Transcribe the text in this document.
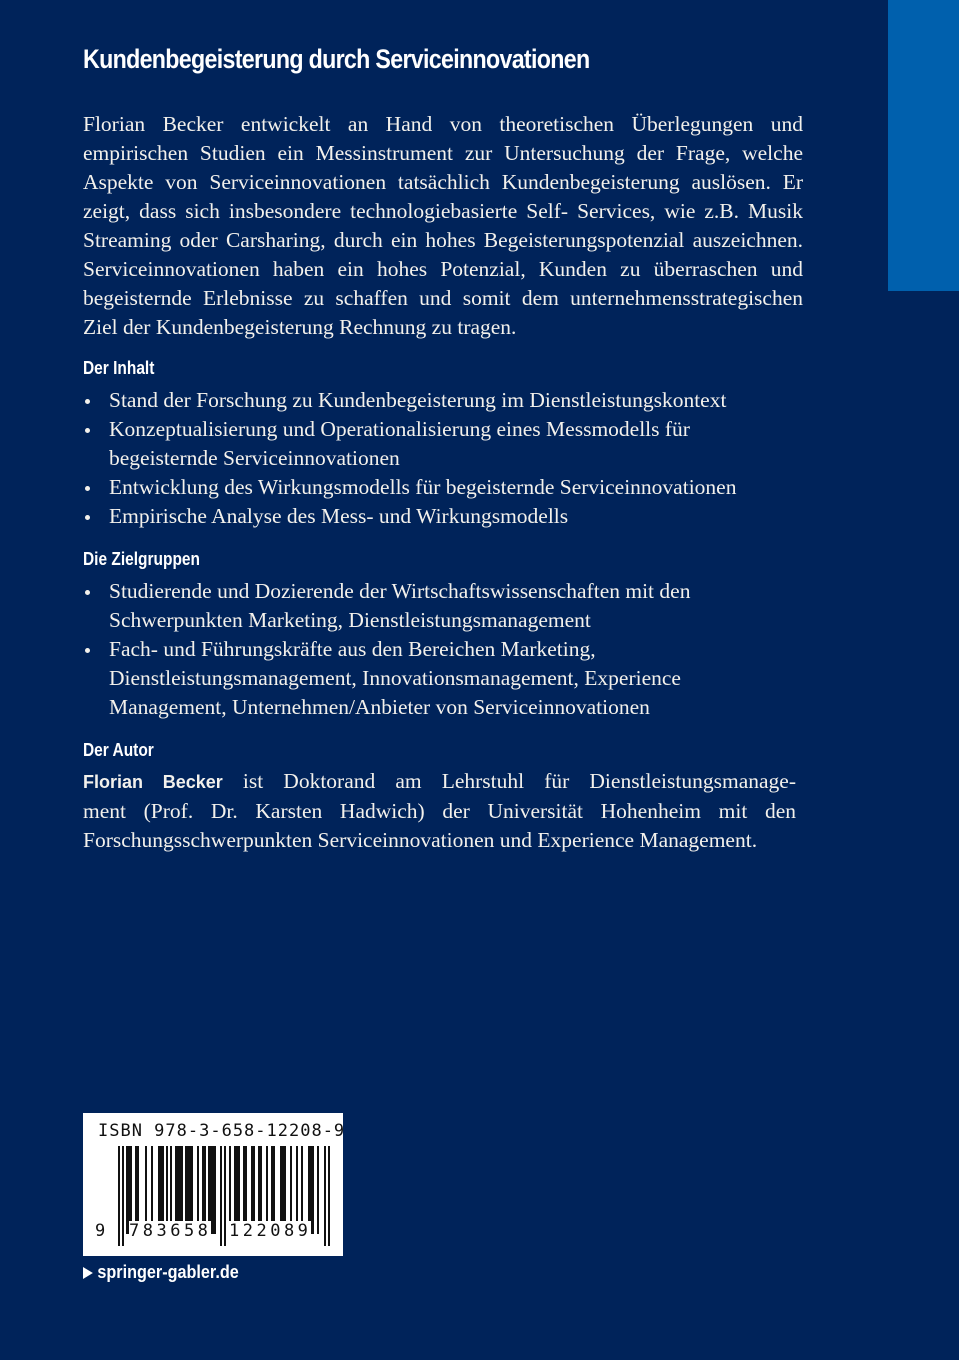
Kundenbegeisterung durch Serviceinnovationen
Florian Becker entwickelt an Hand von theoretischen Überlegungen und
empirischen Studien ein Messinstrument zur Untersuchung der Frage, welche
Aspekte von Serviceinnovationen tatsächlich Kundenbegeisterung auslösen. Er
zeigt, dass sich insbesondere technologiebasierte Self- Services, wie z.B. Musik
Streaming oder Carsharing, durch ein hohes Begeisterungspotenzial auszeichnen.
Serviceinnovationen haben ein hohes Potenzial, Kunden zu überraschen und
begeisternde Erlebnisse zu schaffen und somit dem unternehmensstrategischen
Ziel der Kundenbegeisterung Rechnung zu tragen.
Der Inhalt
Stand der Forschung zu Kundenbegeisterung im Dienstleistungskontext
Konzeptualisierung und Operationalisierung eines Messmodells für
begeisternde Serviceinnovationen
Entwicklung des Wirkungsmodells für begeisternde Serviceinnovationen
Empirische Analyse des Mess- und Wirkungsmodells
Die Zielgruppen
Studierende und Dozierende der Wirtschaftswissenschaften mit den
Schwerpunkten Marketing, Dienstleistungsmanagement
Fach- und Führungskräfte aus den Bereichen Marketing,
Dienstleistungsmanagement, Innovationsmanagement, Experience
Management, Unternehmen/Anbieter von Serviceinnovationen
Der Autor
Florian Becker ist Doktorand am Lehrstuhl für Dienstleistungsmanage-
ment (Prof. Dr. Karsten Hadwich) der Universität Hohenheim mit den
Forschungsschwerpunkten Serviceinnovationen und Experience Management.
ISBN 978-3-658-12208-9
9 783658 122089
springer-gabler.de
